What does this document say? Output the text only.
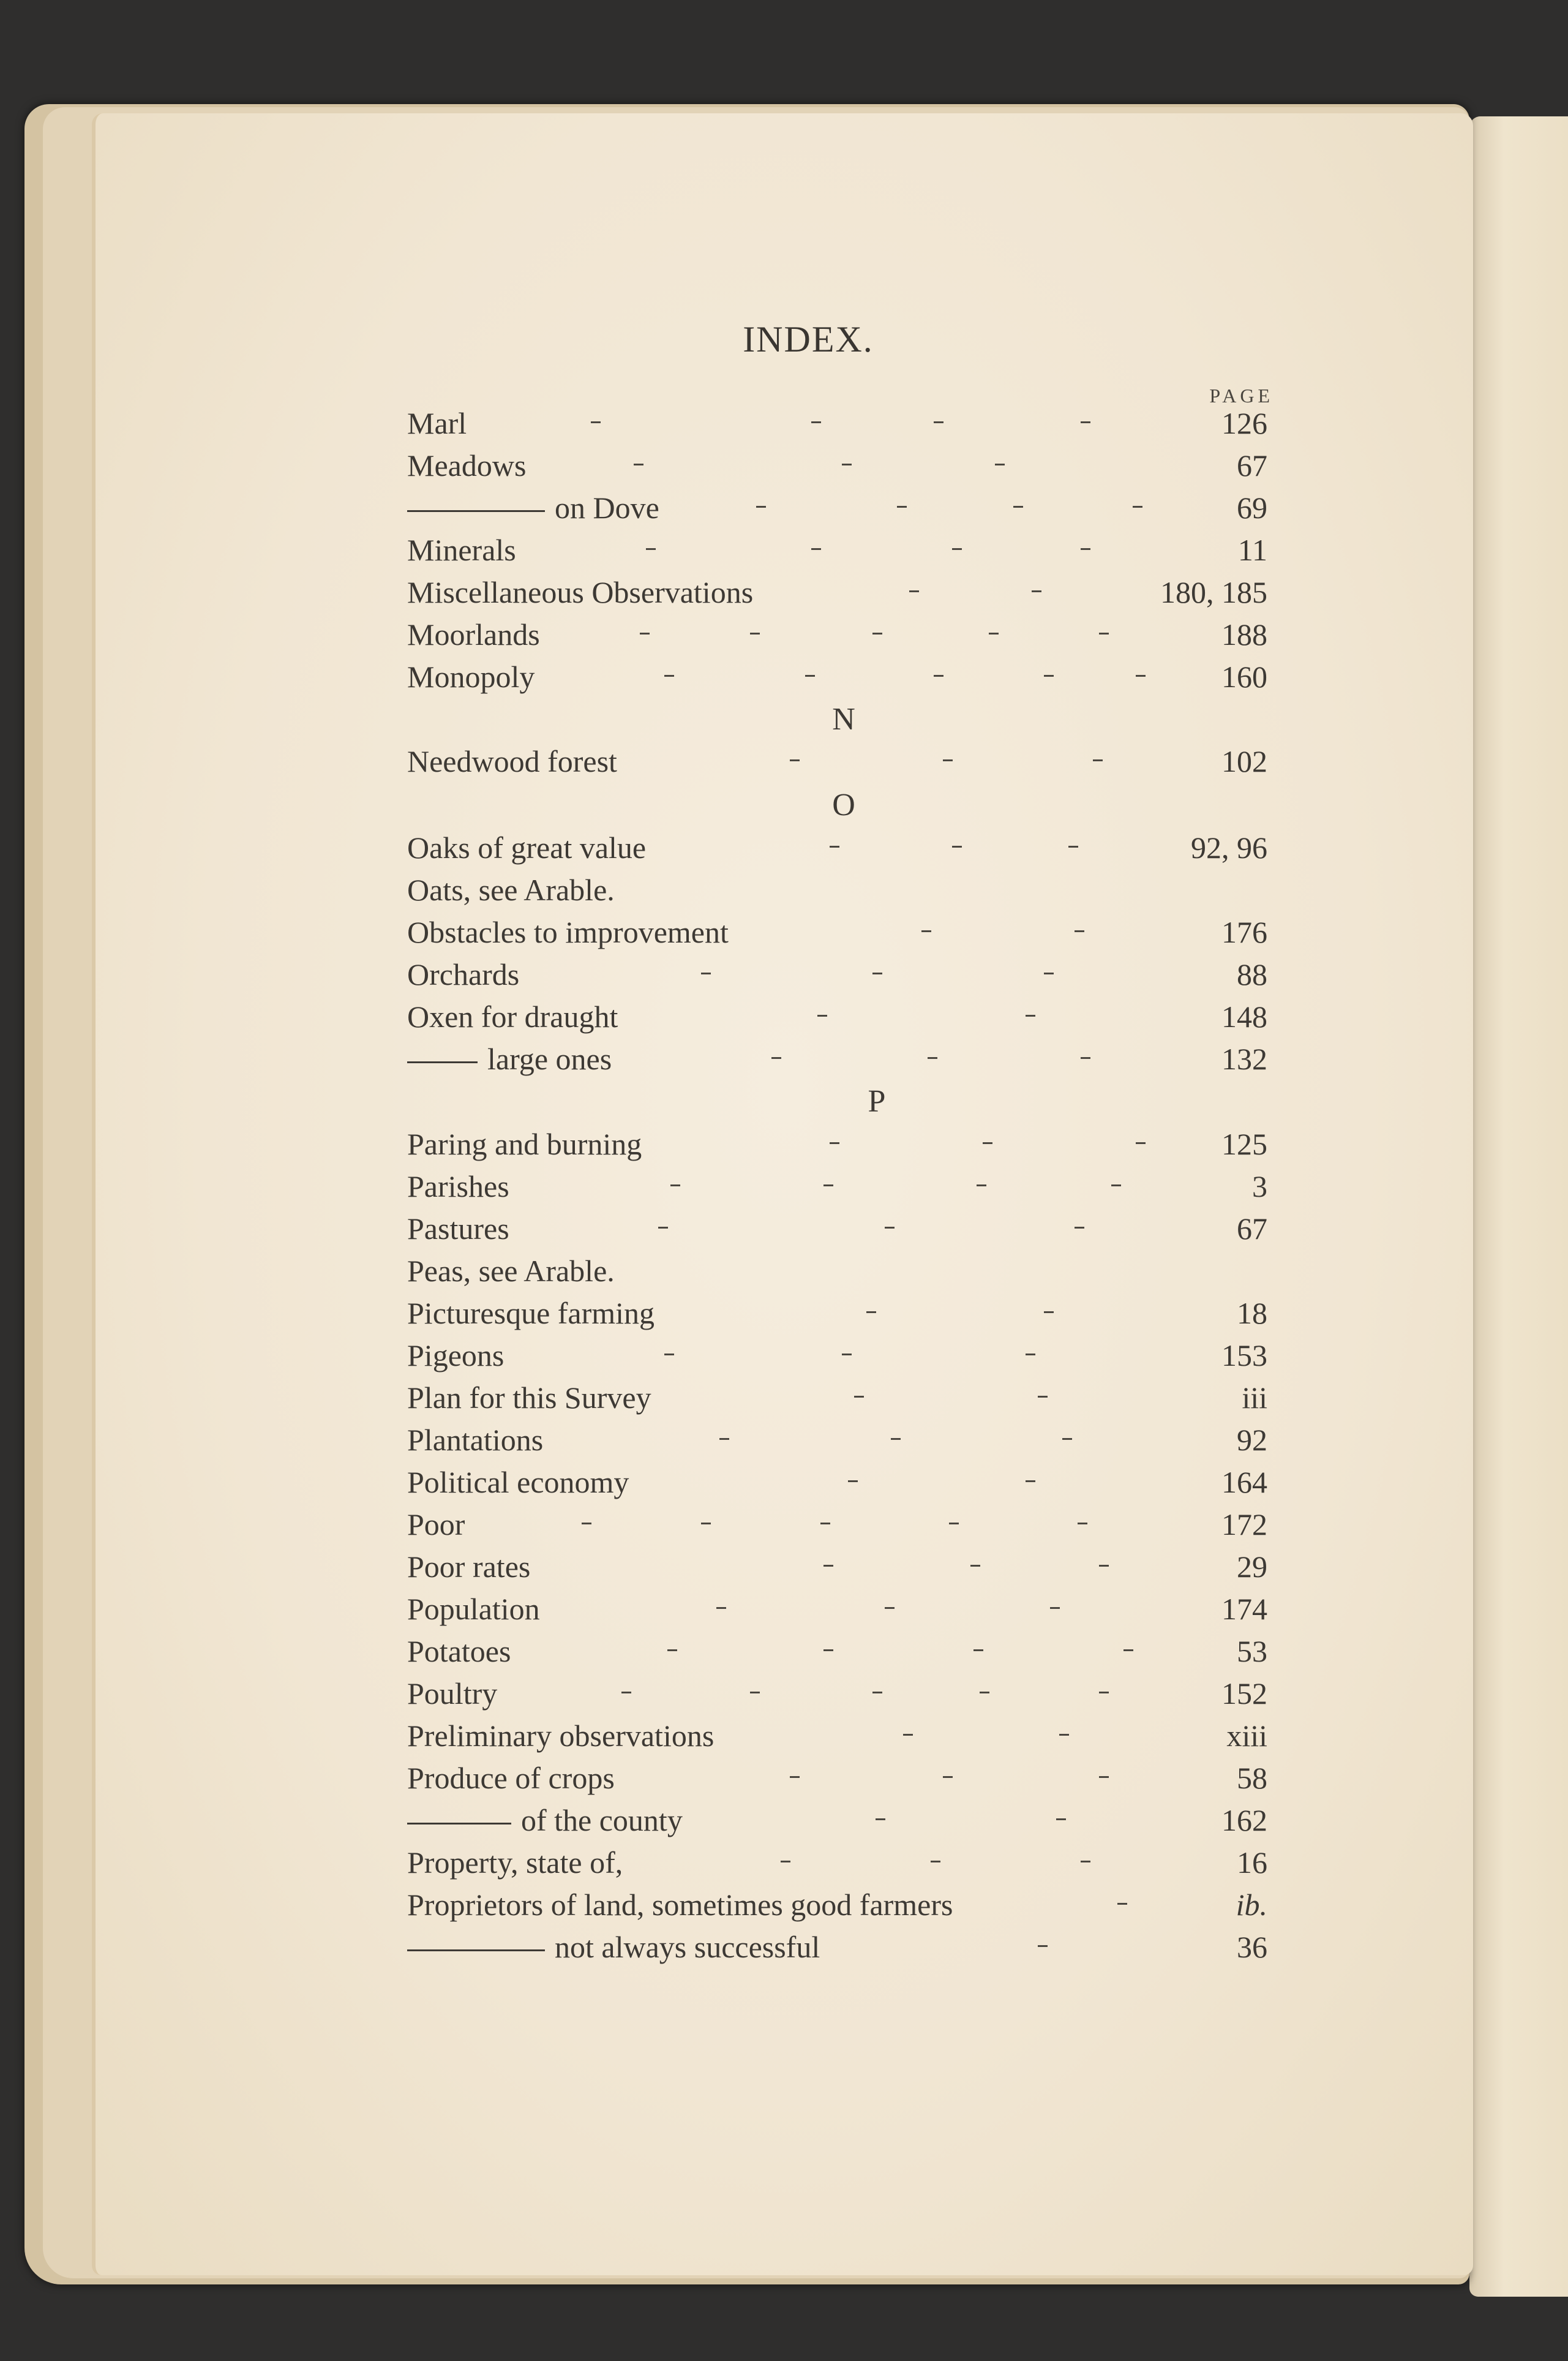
INDEX.
PAGE
Marl	126
Meadows	67
on Dove	69
Minerals	11
Miscellaneous Observations	180, 185
Moorlands	188
Monopoly	160
N
Needwood forest	102
O
Oaks of great value	92, 96
Oats, see Arable.
Obstacles to improvement	176
Orchards	88
Oxen for draught	148
large ones	132
P
Paring and burning	125
Parishes	3
Pastures	67
Peas, see Arable.
Picturesque farming	18
Pigeons	153
Plan for this Survey	iii
Plantations	92
Political economy	164
Poor	172
Poor rates	29
Population	174
Potatoes	53
Poultry	152
Preliminary observations	xiii
Produce of crops	58
of the county	162
Property, state of,	16
Proprietors of land, sometimes good farmers	ib.
not always successful	36
